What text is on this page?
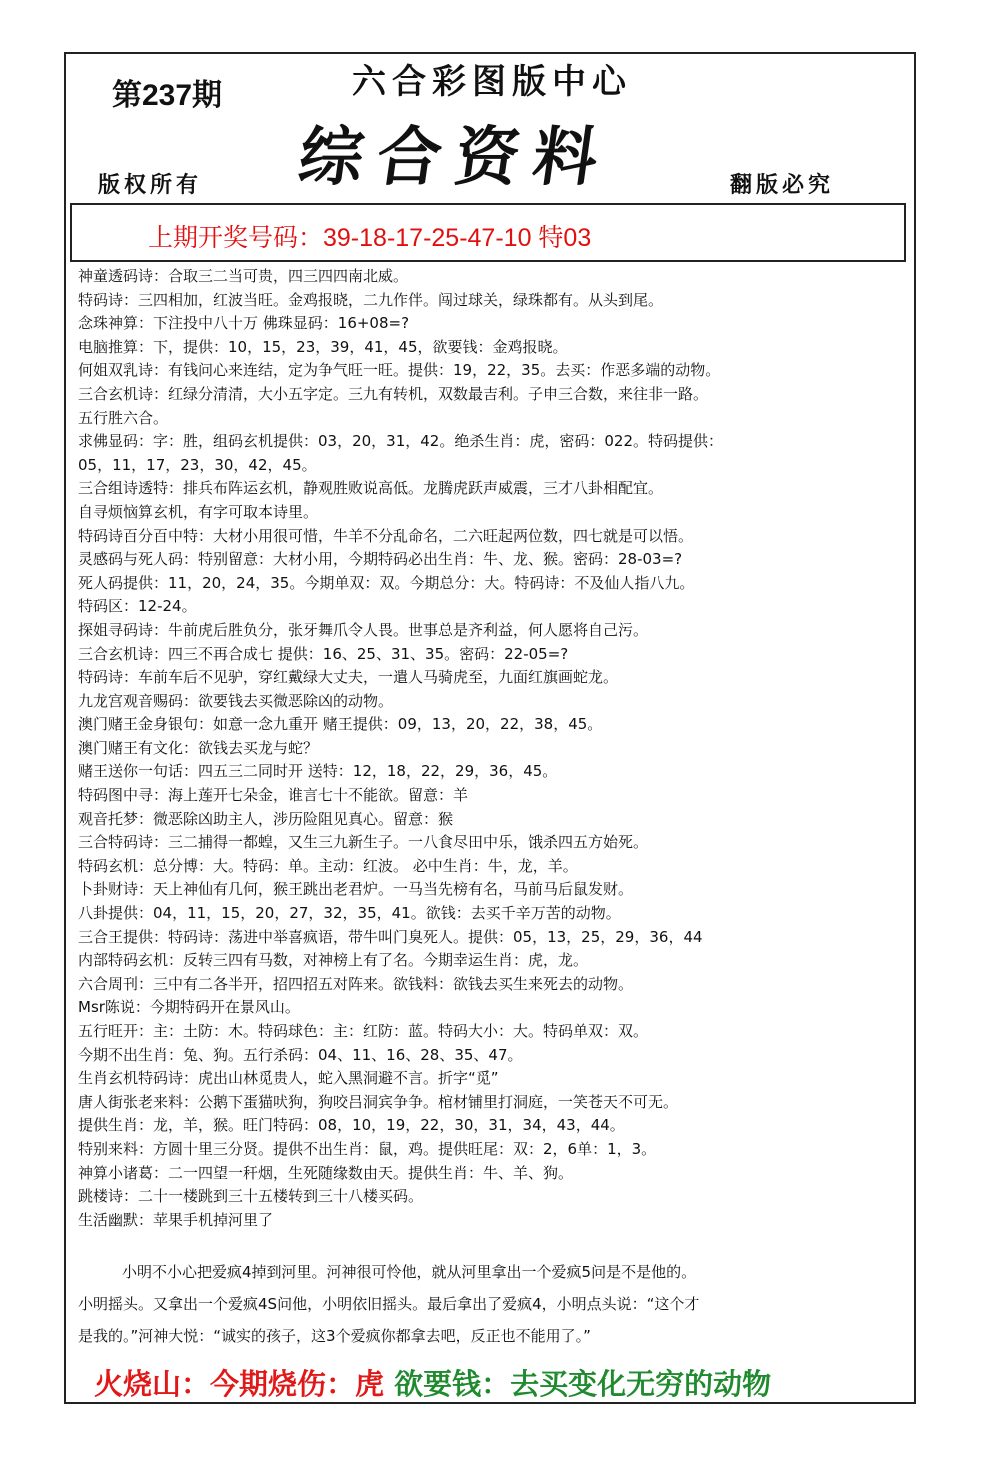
第237期	六合彩图版中心
综合资料
版权所有	翻版必究
上期开奖号码：39-18-17-25-47-10 特03
神童透码诗：合取三二当可贵，四三四四南北威。
特码诗：三四相加，红波当旺。金鸡报晓，二九作伴。闯过球关，绿珠都有。从头到尾。
念珠神算：下注投中八十万 佛珠显码：16+08=?
电脑推算：下，提供：10，15，23，39，41，45，欲要钱：金鸡报晓。
何姐双乳诗：有钱问心来连结，定为争气旺一旺。提供：19，22，35。去买：作恶多端的动物。
三合玄机诗：红绿分清清，大小五字定。三九有转机，双数最吉利。子申三合数，来往非一路。
五行胜六合。
求佛显码：字：胜，组码玄机提供：03，20，31，42。绝杀生肖：虎，密码：022。特码提供：
05，11，17，23，30，42，45。
三合组诗透特：排兵布阵运玄机，静观胜败说高低。龙腾虎跃声威震，三才八卦相配宜。
自寻烦恼算玄机，有字可取本诗里。
特码诗百分百中特：大材小用很可惜，牛羊不分乱命名，二六旺起两位数，四七就是可以悟。
灵感码与死人码：特别留意：大材小用，今期特码必出生肖：牛、龙、猴。密码：28-03=?
死人码提供：11，20，24，35。今期单双：双。今期总分：大。特码诗：不及仙人指八九。
特码区：12-24。
探姐寻码诗：牛前虎后胜负分，张牙舞爪令人畏。世事总是齐利益，何人愿将自己污。
三合玄机诗：四三不再合成七 提供：16、25、31、35。密码：22-05=?
特码诗：车前车后不见驴，穿红戴绿大丈夫，一遣人马骑虎至，九面红旗画蛇龙。
九龙宫观音赐码：欲要钱去买微恶除凶的动物。
澳门赌王金身银句：如意一念九重开 赌王提供：09，13，20，22，38，45。
澳门赌王有文化：欲钱去买龙与蛇？
赌王送你一句话：四五三二同时开 送特：12，18，22，29，36，45。
特码图中寻：海上莲开七朵金，谁言七十不能欲。留意：羊
观音托梦：微恶除凶助主人，涉历险阻见真心。留意：猴
三合特码诗：三二捕得一都蝗，又生三九新生子。一八食尽田中乐，饿杀四五方始死。
特码玄机：总分博：大。特码：单。主动：红波。 必中生肖：牛，龙，羊。
卜卦财诗：天上神仙有几何，猴王跳出老君炉。一马当先榜有名，马前马后鼠发财。
八卦提供：04，11，15，20，27，32，35，41。欲钱：去买千辛万苦的动物。
三合王提供：特码诗：荡进中举喜疯语，带牛叫门臭死人。提供：05，13，25，29，36，44
内部特码玄机：反转三四有马数，对神榜上有了名。今期幸运生肖：虎，龙。
六合周刊：三中有二各半开，招四招五对阵来。欲钱料：欲钱去买生来死去的动物。
Msr陈说：今期特码开在景风山。
五行旺开：主：土防：木。特码球色：主：红防：蓝。特码大小：大。特码单双：双。
今期不出生肖：兔、狗。五行杀码：04、11、16、28、35、47。
生肖玄机特码诗：虎出山林觅贵人，蛇入黑洞避不言。折字“觅”
唐人街张老来料：公鹅下蛋猫吠狗，狗咬吕洞宾争争。棺材铺里打洞庭，一笑苍天不可无。
提供生肖：龙，羊，猴。旺门特码：08，10，19，22，30，31，34，43，44。
特别来料：方圆十里三分贤。提供不出生肖：鼠，鸡。提供旺尾：双：2，6单：1，3。
神算小诸葛：二一四望一秆烟，生死随缘数由天。提供生肖：牛、羊、狗。
跳楼诗：二十一楼跳到三十五楼转到三十八楼买码。
生活幽默：苹果手机掉河里了
小明不小心把爱疯4掉到河里。河神很可怜他，就从河里拿出一个爱疯5问是不是他的。
小明摇头。又拿出一个爱疯4S问他，小明依旧摇头。最后拿出了爱疯4，小明点头说：“这个才
是我的。”河神大悦：“诚实的孩子，这3个爱疯你都拿去吧，反正也不能用了。”
火烧山：今期烧伤：虎 欲要钱：去买变化无穷的动物
